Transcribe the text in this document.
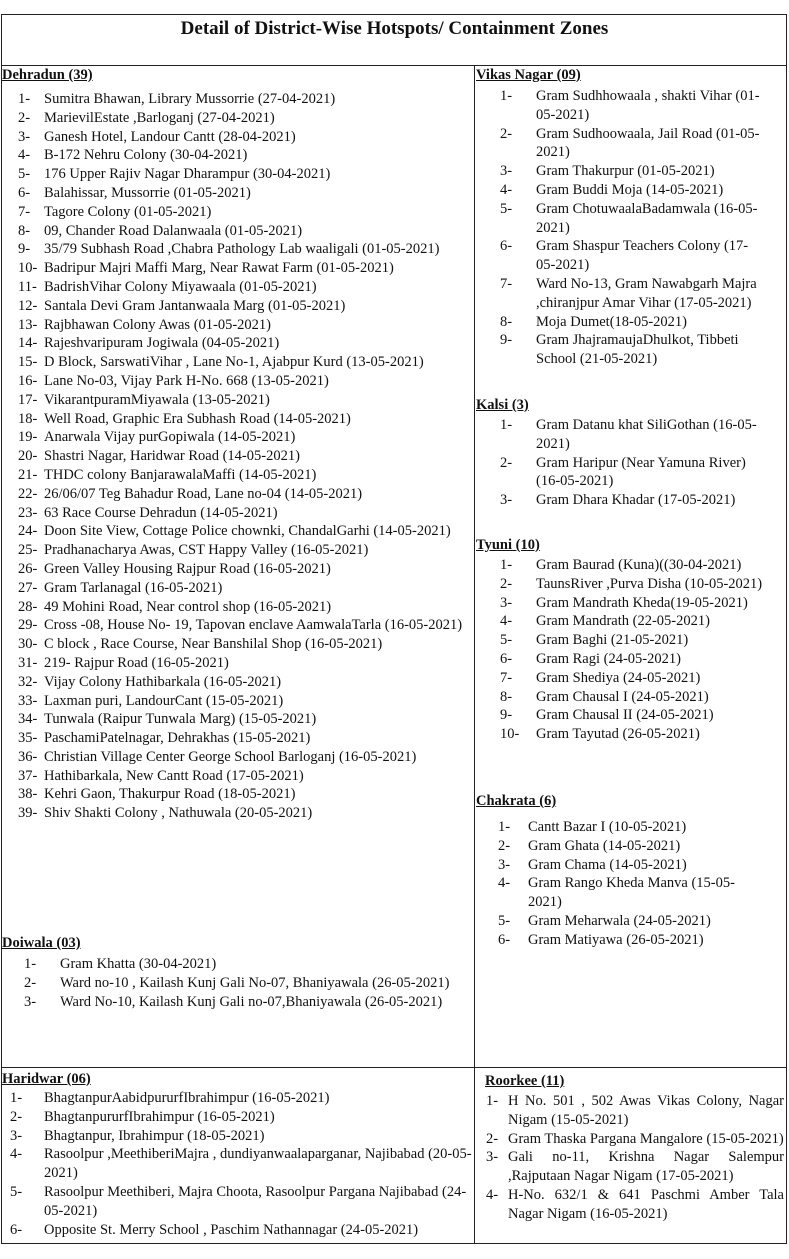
Detail of District-Wise Hotspots/ Containment Zones
Dehradun (39)
1- Sumitra Bhawan, Library Mussorrie (27-04-2021)
2- MarievilEstate ,Barloganj (27-04-2021)
3- Ganesh Hotel, Landour Cantt (28-04-2021)
4- B-172 Nehru Colony (30-04-2021)
5- 176 Upper Rajiv Nagar Dharampur (30-04-2021)
6- Balahissar, Mussorrie (01-05-2021)
7- Tagore Colony (01-05-2021)
8- 09, Chander Road Dalanwaala (01-05-2021)
9- 35/79 Subhash Road ,Chabra Pathology Lab waaligali (01-05-2021)
10- Badripur Majri Maffi Marg, Near Rawat Farm (01-05-2021)
11- BadrishVihar Colony Miyawaala (01-05-2021)
12- Santala Devi Gram Jantanwaala Marg (01-05-2021)
13- Rajbhawan Colony Awas (01-05-2021)
14- Rajeshvaripuram Jogiwala (04-05-2021)
15- D Block, SarswatiVihar , Lane No-1, Ajabpur Kurd (13-05-2021)
16- Lane No-03, Vijay Park H-No. 668 (13-05-2021)
17- VikarantpuramMiyawala (13-05-2021)
18- Well Road, Graphic Era Subhash Road (14-05-2021)
19- Anarwala Vijay purGopiwala (14-05-2021)
20- Shastri Nagar, Haridwar Road (14-05-2021)
21- THDC colony BanjarawalaMaffi (14-05-2021)
22- 26/06/07 Teg Bahadur Road, Lane no-04 (14-05-2021)
23- 63 Race Course Dehradun (14-05-2021)
24- Doon Site View, Cottage Police chownki, ChandalGarhi (14-05-2021)
25- Pradhanacharya Awas, CST Happy Valley (16-05-2021)
26- Green Valley Housing Rajpur Road (16-05-2021)
27- Gram Tarlanagal (16-05-2021)
28- 49 Mohini Road, Near control shop (16-05-2021)
29- Cross -08, House No- 19, Tapovan enclave AamwalaTarla (16-05-2021)
30- C block , Race Course, Near Banshilal Shop (16-05-2021)
31- 219- Rajpur Road (16-05-2021)
32- Vijay Colony Hathibarkala (16-05-2021)
33- Laxman puri, LandourCant (15-05-2021)
34- Tunwala (Raipur Tunwala Marg) (15-05-2021)
35- PaschamiPatelnagar, Dehrakhas (15-05-2021)
36- Christian Village Center George School Barloganj (16-05-2021)
37- Hathibarkala, New Cantt Road (17-05-2021)
38- Kehri Gaon, Thakurpur Road (18-05-2021)
39- Shiv Shakti Colony , Nathuwala (20-05-2021)
Doiwala (03)
1-	Gram Khatta (30-04-2021)
2-	Ward no-10 , Kailash Kunj Gali No-07, Bhaniyawala (26-05-2021)
3-	Ward No-10, Kailash Kunj Gali no-07,Bhaniyawala (26-05-2021)
Vikas Nagar (09)
1-	Gram Sudhhowaala , shakti Vihar (01-05-2021)
2-	Gram Sudhoowaala, Jail Road (01-05-2021)
3-	Gram Thakurpur (01-05-2021)
4-	Gram Buddi Moja (14-05-2021)
5-	Gram ChotuwaalaBadamwala (16-05-2021)
6-	Gram Shaspur Teachers Colony (17-05-2021)
7-	Ward No-13, Gram Nawabgarh Majra ,chiranjpur Amar Vihar (17-05-2021)
8-	Moja Dumet(18-05-2021)
9-	Gram JhajramaujaDhulkot, Tibbeti School (21-05-2021)
Kalsi (3)
1-	Gram Datanu khat SiliGothan (16-05-2021)
2-	Gram Haripur (Near Yamuna River) (16-05-2021)
3-	Gram Dhara Khadar (17-05-2021)
Tyuni (10)
1-	Gram Baurad (Kuna)((30-04-2021)
2-	TaunsRiver ,Purva Disha (10-05-2021)
3-	Gram Mandrath Kheda(19-05-2021)
4-	Gram Mandrath (22-05-2021)
5-	Gram Baghi (21-05-2021)
6-	Gram Ragi (24-05-2021)
7-	Gram Shediya (24-05-2021)
8-	Gram Chausal I (24-05-2021)
9-	Gram Chausal II (24-05-2021)
10-	Gram Tayutad (26-05-2021)
Chakrata (6)
1-	Cantt Bazar I (10-05-2021)
2-	Gram Ghata (14-05-2021)
3-	Gram Chama (14-05-2021)
4-	Gram Rango Kheda Manva (15-05-2021)
5-	Gram Meharwala (24-05-2021)
6-	Gram Matiyawa (26-05-2021)
Haridwar (06)
1-	BhagtanpurAabidpururfIbrahimpur (16-05-2021)
2-	BhagtanpururfIbrahimpur (16-05-2021)
3-	Bhagtanpur, Ibrahimpur (18-05-2021)
4-	Rasoolpur ,MeethiberiMajra , dundiyanwaalaparganar, Najibabad (20-05-2021)
5-	Rasoolpur Meethiberi, Majra Choota, Rasoolpur Pargana Najibabad (24-05-2021)
6-	Opposite St. Merry School , Paschim Nathannagar (24-05-2021)
Roorkee (11)
1- H No. 501 , 502 Awas Vikas Colony, Nagar Nigam (15-05-2021)
2- Gram Thaska Pargana Mangalore (15-05-2021)
3- Gali no-11, Krishna Nagar Salempur ,Rajputaan Nagar Nigam (17-05-2021)
4- H-No. 632/1 & 641 Paschmi Amber Tala Nagar Nigam (16-05-2021)
